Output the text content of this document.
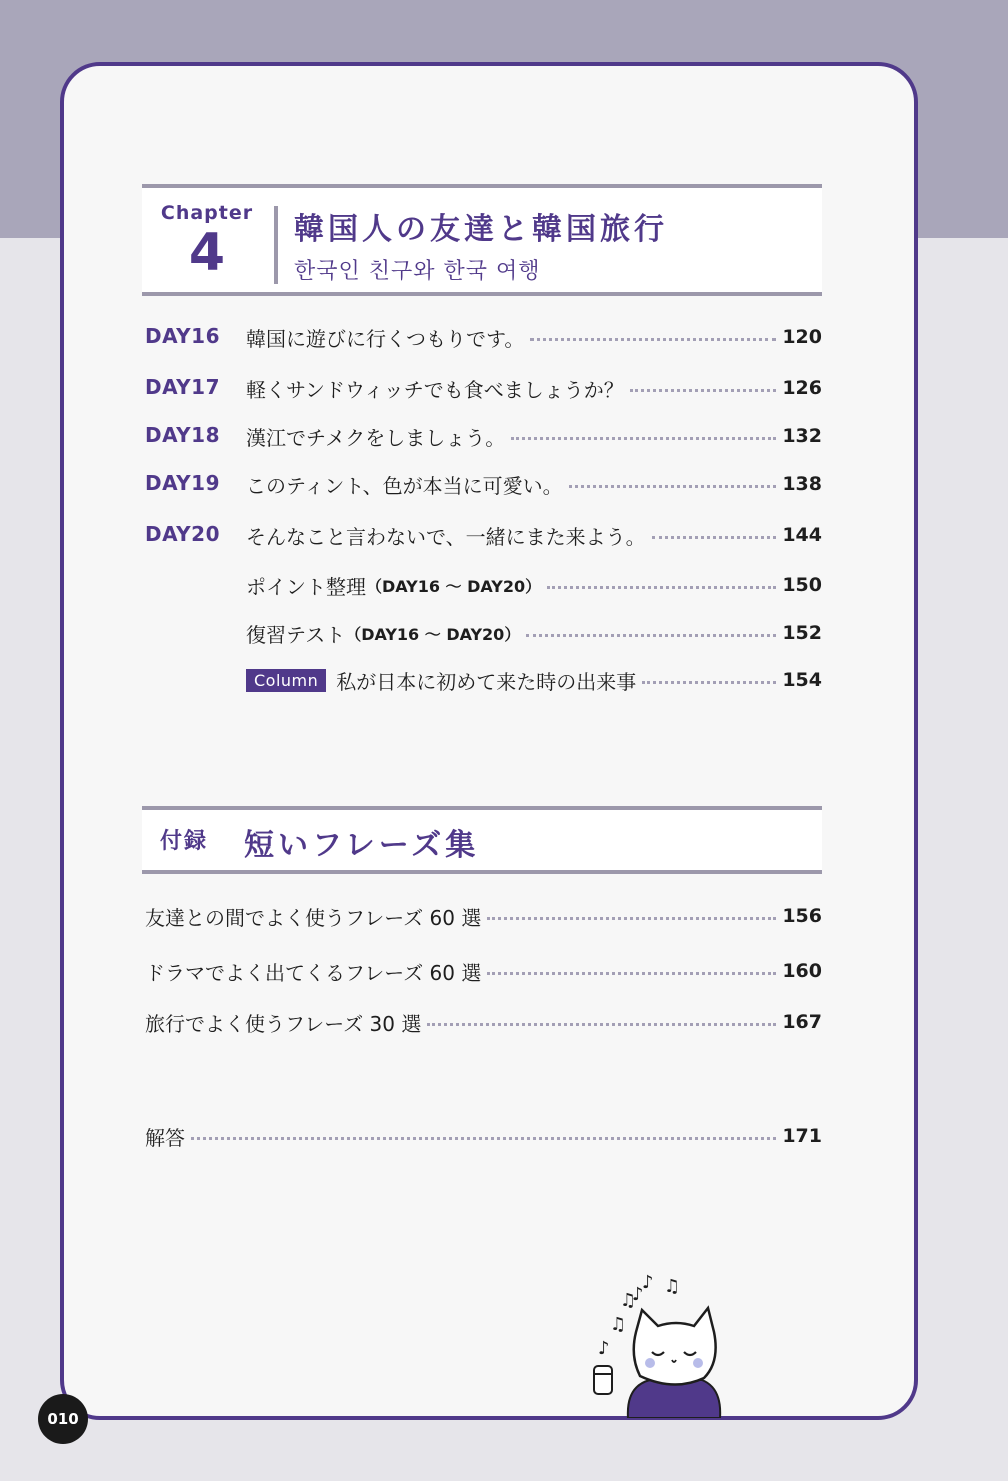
Chapter
4	韓国人の友達と韓国旅行
한국인 친구와 한국 여행
DAY16 韓国に遊びに行くつもりです。	120
DAY17 軽くサンドウィッチでも食べましょうか？	126
DAY18 漢江でチメクをしましょう。	132
DAY19 このティント、色が本当に可愛い。	138
DAY20 そんなこと言わないで、一緒にまた来よう。	144
ポイント整理 （DAY16 ～ DAY20）	150
復習テスト （DAY16 ～ DAY20）	152
Column 私が日本に初めて来た時の出来事	154
付録 短いフレーズ集
友達との間でよく使うフレーズ 60 選	156
ドラマでよく出てくるフレーズ 60 選	160
旅行でよく使うフレーズ 30 選	167
解答	171
♪ ♫
♫
♪
♫
♪
010
